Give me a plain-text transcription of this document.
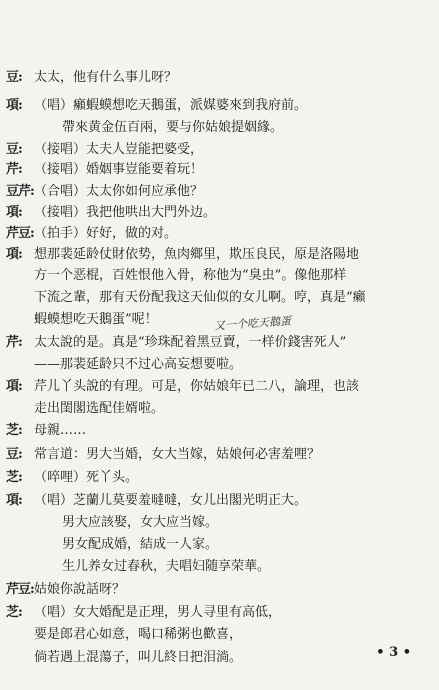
豆: 太太，他有什么事儿呀？
項: （唱）癩蝦蟆想吃天鵝蛋，派媒婆來到我府前。
帶來黄金伍百兩，要与你姑娘提姻緣。
豆: （接唱）太夫人豈能把婆受，
芹: （接唱）婚姻事豈能要着玩！
豆芹:（合唱）太太你如何应承他？
項: （接唱）我把他哄出大門外边。
芹豆:（拍手）好好，做的对。
項: 想那裴延龄仗財依势，魚肉鄉里，欺压良民，原是洛陽地
方一个恶棍，百姓恨他入骨，称他为“臭虫”。像他那样
下流之輩，那有天份配我这天仙似的女儿啊。哼，真是“癩
蝦蟆想吃天鵝蛋”呢！
芹: 太太說的是。真是“珍珠配着黑豆賣，一样价錢害死人”
——那裴延龄只不过心高妄想要啦。
項: 芹儿丫头說的有理。可是，你姑娘年已二八，論理，也該
走出閨閣选配佳婿啦。
芝: 母親……
豆: 常言道：男大当婚，女大当嫁，姑娘何必害羞哩？
芝: （啐哩）死丫头。
項: （唱）芝蘭儿莫要羞噠噠，女儿出閣光明正大。
男大应該娶，女大应当嫁。
男女配成婚，結成一人家。
生儿养女过春秋，夫唱妇随享荣華。
芹豆:姑娘你說話呀？
芝: （唱）女大婚配是正理，男人寻里有高低，
要是郎君心如意，喝口稀粥也歡喜，
倘若遇上混蕩子，叫儿終日把泪淌。
又一个吃天鵝蛋
• 3 •
